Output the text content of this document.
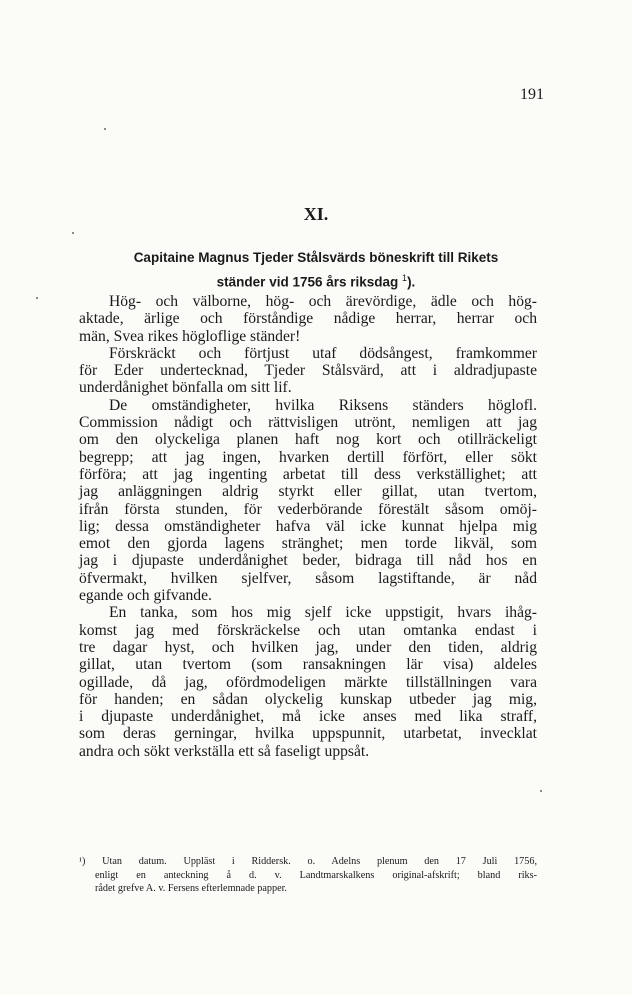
191
XI.
Capitaine Magnus Tjeder Stålsvärds böneskrift till Rikets
ständer vid 1756 års riksdag $^1$).
Hög- och välborne, hög- och ärevördige, ädle och hög-
aktade, ärlige och förståndige nådige herrar, herrar och
män, Svea rikes högloflige ständer!
Förskräckt och förtjust utaf dödsångest, framkommer
för Eder undertecknad, Tjeder Stålsvärd, att i aldradjupaste
underdånighet bönfalla om sitt lif.
De omständigheter, hvilka Riksens ständers höglofl.
Commission nådigt och rättvisligen utrönt, nemligen att jag
om den olyckeliga planen haft nog kort och otillräckeligt
begrepp; att jag ingen, hvarken dertill förfört, eller sökt
förföra; att jag ingenting arbetat till dess verkställighet; att
jag anläggningen aldrig styrkt eller gillat, utan tvertom,
ifrån första stunden, för vederbörande förestält såsom omöj-
lig; dessa omständigheter hafva väl icke kunnat hjelpa mig
emot den gjorda lagens stränghet; men torde likväl, som
jag i djupaste underdånighet beder, bidraga till nåd hos en
öfvermakt, hvilken sjelfver, såsom lagstiftande, är nåd
egande och gifvande.
En tanka, som hos mig sjelf icke uppstigit, hvars ihåg-
komst jag med förskräckelse och utan omtanka endast i
tre dagar hyst, och hvilken jag, under den tiden, aldrig
gillat, utan tvertom (som ransakningen lär visa) aldeles
ogillade, då jag, ofördmodeligen märkte tillställningen vara
för handen; en sådan olyckelig kunskap utbeder jag mig,
i djupaste underdånighet, må icke anses med lika straff,
som deras gerningar, hvilka uppspunnit, utarbetat, invecklat
andra och sökt verkställa ett så faseligt uppsåt.
¹) Utan datum. Uppläst i Riddersk. o. Adelns plenum den 17 Juli 1756,
enligt en anteckning å d. v. Landtmarskalkens original-afskrift; bland riks-
rådet grefve A. v. Fersens efterlemnade papper.
